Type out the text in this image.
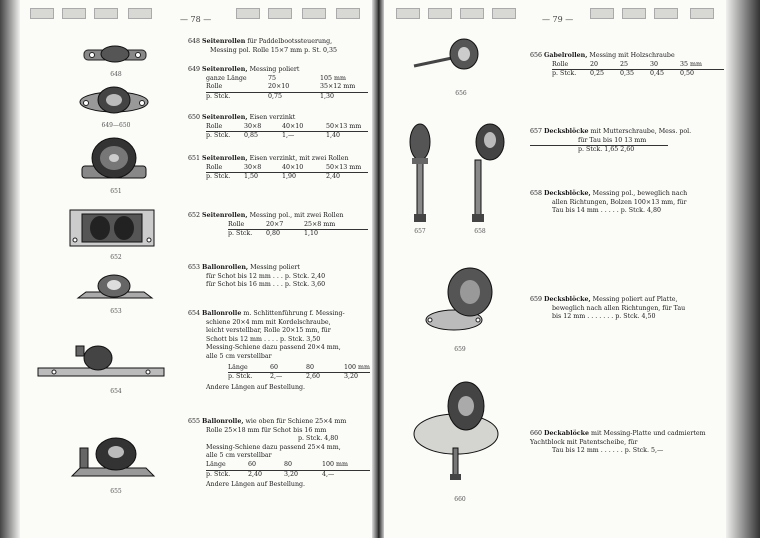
— 78 —	— 79 —
648
649—650
651
652
653
654
655
656
657	658
659
660
648 Seitenrollen für Paddelbootssteuerung,
Messing pol. Rolle 15×7 mm p. St. 0,35
649 Seitenrollen, Messing poliert
ganze Länge	75	105 mm
Rolle	20×10	35×12 mm
p. Stck.	0,75	1,30
650 Seitenrollen, Eisen verzinkt
Rolle	30×8	40×10	50×13 mm
p. Stck.	0,85	1,—	1,40
651 Seitenrollen, Eisen verzinkt, mit zwei Rollen
Rolle	30×8	40×10	50×13 mm
p. Stck.	1,50	1,90	2,40
652 Seitenrollen, Messing pol., mit zwei Rollen
Rolle	20×7	25×8 mm
p. Stck.	0,80	1,10
653 Ballonrollen, Messing poliert
für Schot bis 12 mm . . . p. Stck. 2,40
für Schot bis 16 mm . . . p. Stck. 3,60
654 Ballonrolle m. Schlittenführung f. Messing-
schiene 20×4 mm mit Kordelschraube,
leicht verstellbar, Rolle 20×15 mm, für
Schott bis 12 mm . . . . p. Stck. 3,50
Messing-Schiene dazu passend 20×4 mm,
alle 5 cm verstellbar
Länge	60	80	100 mm
p. Stck.	2,—	2,60	3,20
Andere Längen auf Bestellung.
655 Ballonrolle, wie oben für Schiene 25×4 mm
Rolle 25×18 mm für Schot bis 16 mm
p. Stck. 4,80
Messing-Schiene dazu passend 25×4 mm,
alle 5 cm verstellbar
Länge	60	80	100 mm
p. Stck.	2,40	3,20	4,—
Andere Längen auf Bestellung.
656 Gabelrollen, Messing mit Holzschraube
Rolle	20	25	30	35 mm
p. Stck.	0,25	0,35	0,45	0,50
657 Decksblöcke mit Mutterschraube, Mess. pol.
für Tau bis 10 13 mm
p. Stck. 1,65 2,60
658 Decksblöcke, Messing pol., beweglich nach
allen Richtungen, Bolzen 100×13 mm, für
Tau bis 14 mm . . . . . p. Stck. 4,80
659 Decksblöcke, Messing poliert auf Platte,
beweglich nach allen Richtungen, für Tau
bis 12 mm . . . . . . . p. Stck. 4,50
660 Deckablöcke mit Messing-Platte und cadmiertem Yachtblock mit Patentscheibe, für
Tau bis 12 mm . . . . . . p. Stck. 5,—
